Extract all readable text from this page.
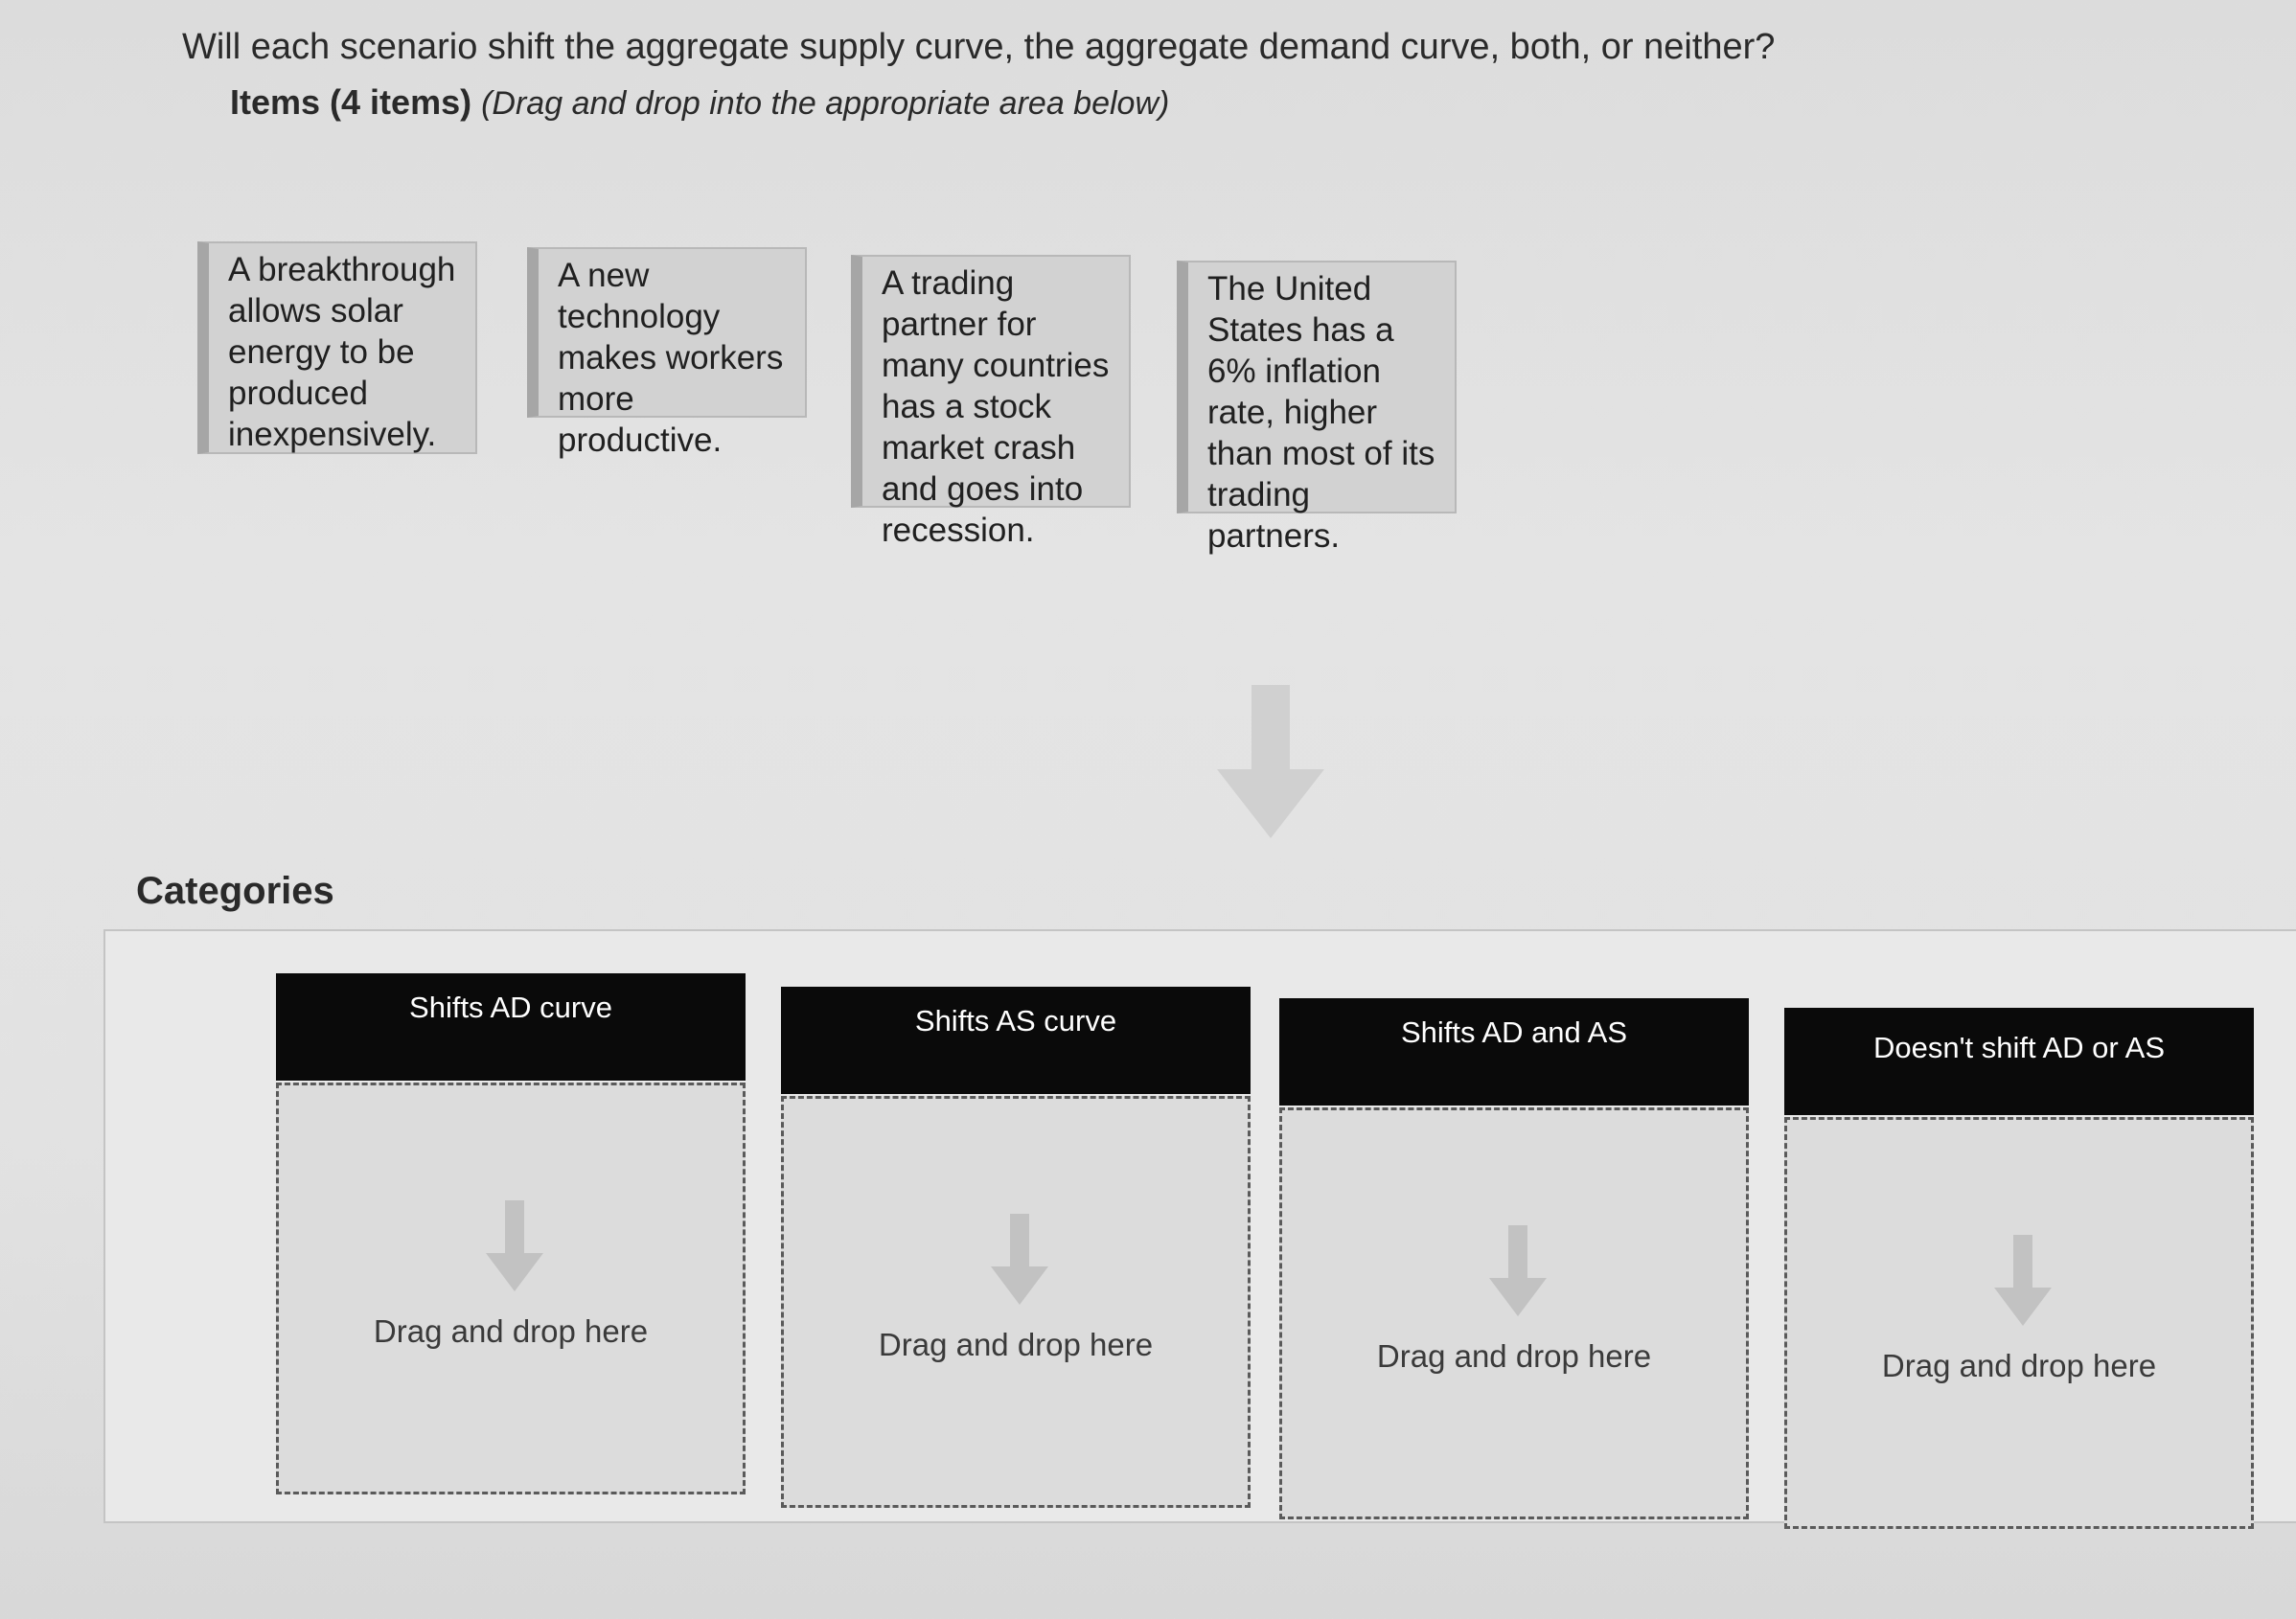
Will each scenario shift the aggregate supply curve, the aggregate demand curve, both, or neither?
Items (4 items) (Drag and drop into the appropriate area below)
A breakthrough allows solar energy to be produced inexpensively.
A new technology makes workers more productive.
A trading partner for many countries has a stock market crash and goes into recession.
The United States has a 6% inflation rate, higher than most of its trading partners.
Categories
Shifts AD curve
Drag and drop here
Shifts AS curve
Drag and drop here
Shifts AD and AS
Drag and drop here
Doesn't shift AD or AS
Drag and drop here
